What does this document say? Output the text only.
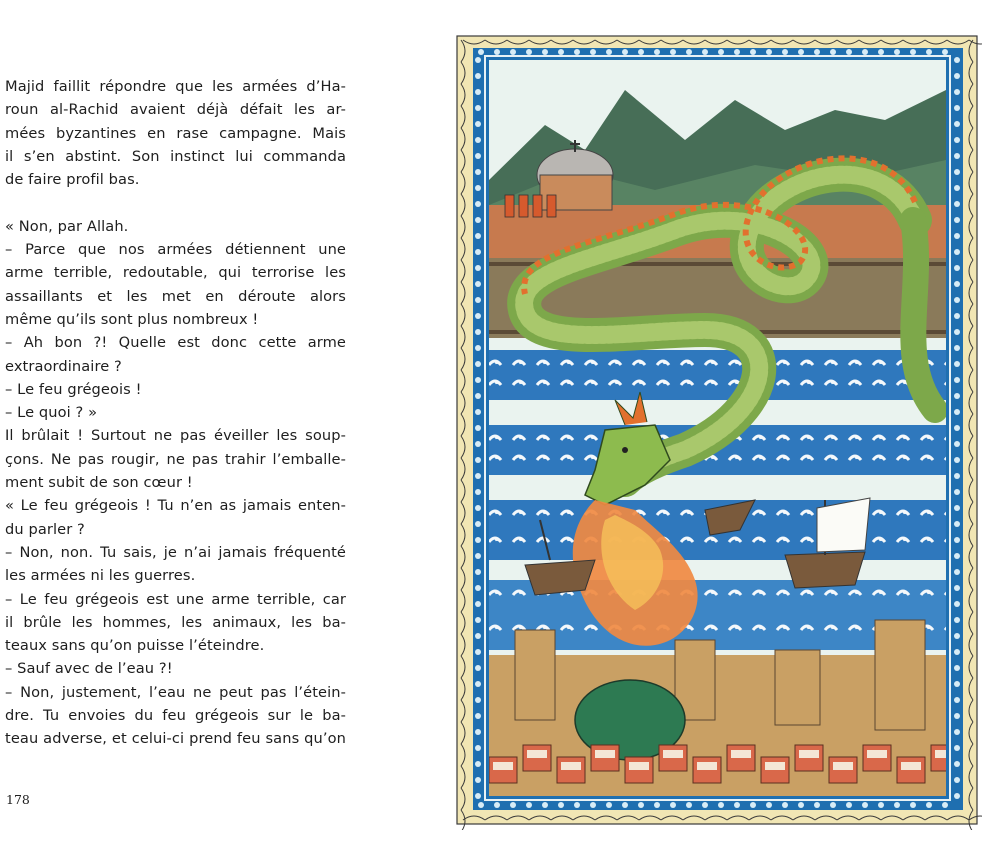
Majid faillit répondre que les armées d’Ha-
roun al-Rachid avaient déjà défait les ar-
mées byzantines en rase campagne. Mais
il s’en abstint. Son instinct lui commanda
de faire profil bas.

« Non, par Allah.
– Parce que nos armées détiennent une
arme terrible, redoutable, qui terrorise les
assaillants et les met en déroute alors
même qu’ils sont plus nombreux !
– Ah bon ?! Quelle est donc cette arme
extraordinaire ?
– Le feu grégeois !
– Le quoi ? »
Il brûlait ! Surtout ne pas éveiller les soup-
çons. Ne pas rougir, ne pas trahir l’emballe-
ment subit de son cœur !
« Le feu grégeois ! Tu n’en as jamais enten-
du parler ?
– Non, non. Tu sais, je n’ai jamais fréquenté
les armées ni les guerres.
– Le feu grégeois est une arme terrible, car
il brûle les hommes, les animaux, les ba-
teaux sans qu’on puisse l’éteindre.
– Sauf avec de l’eau ?!
– Non, justement, l’eau ne peut pas l’étein-
dre. Tu envoies du feu grégeois sur le ba-
teau adverse, et celui-ci prend feu sans qu’on
178
